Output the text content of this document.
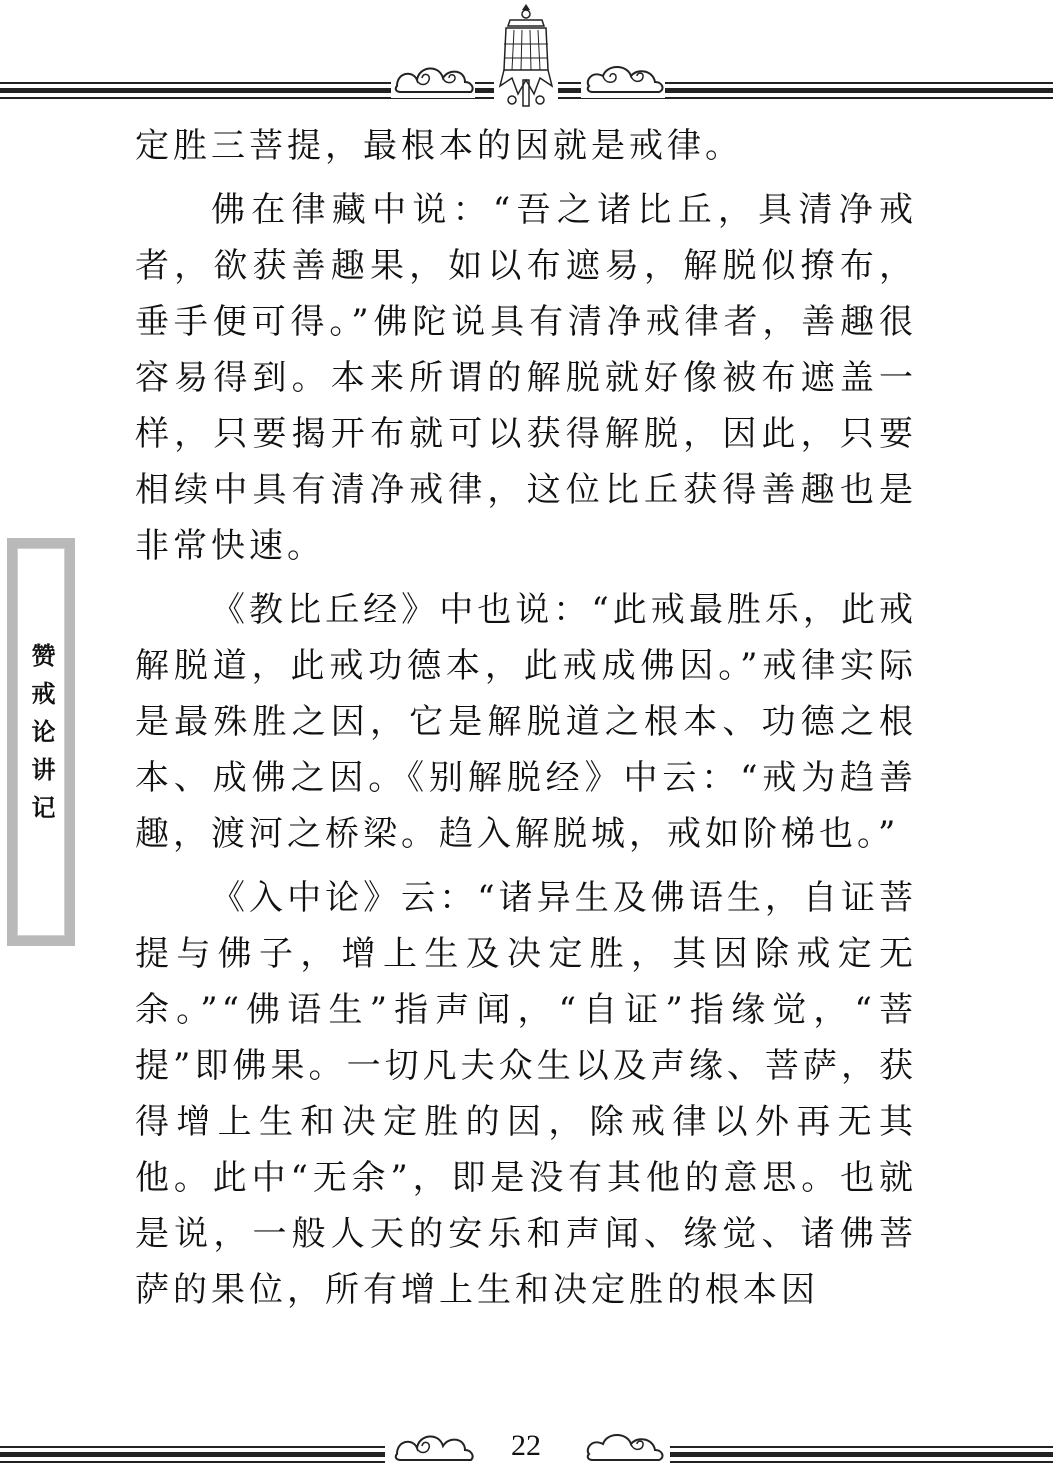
赞戒论讲记

定胜三菩提，最根本的因就是戒律。

佛在律藏中说：“吾之诸比丘，具清净戒者，欲获善趣果，如以布遮易，解脱似撩布，垂手便可得。”佛陀说具有清净戒律者，善趣很容易得到。本来所谓的解脱就好像被布遮盖一样，只要揭开布就可以获得解脱，因此，只要相续中具有清净戒律，这位比丘获得善趣也是非常快速。

《教比丘经》中也说：“此戒最胜乐，此戒解脱道，此戒功德本，此戒成佛因。”戒律实际是最殊胜之因，它是解脱道之根本、功德之根本、成佛之因。《别解脱经》中云：“戒为趋善趣，渡河之桥梁。趋入解脱城，戒如阶梯也。”

《入中论》云：“诸异生及佛语生，自证菩提与佛子，增上生及决定胜，其因除戒定无余。”“佛语生”指声闻，“自证”指缘觉，“菩提”即佛果。一切凡夫众生以及声缘、菩萨，获得增上生和决定胜的因，除戒律以外再无其他。此中“无余”，即是没有其他的意思。也就是说，一般人天的安乐和声闻、缘觉、诸佛菩萨的果位，所有增上生和决定胜的根本因

22
